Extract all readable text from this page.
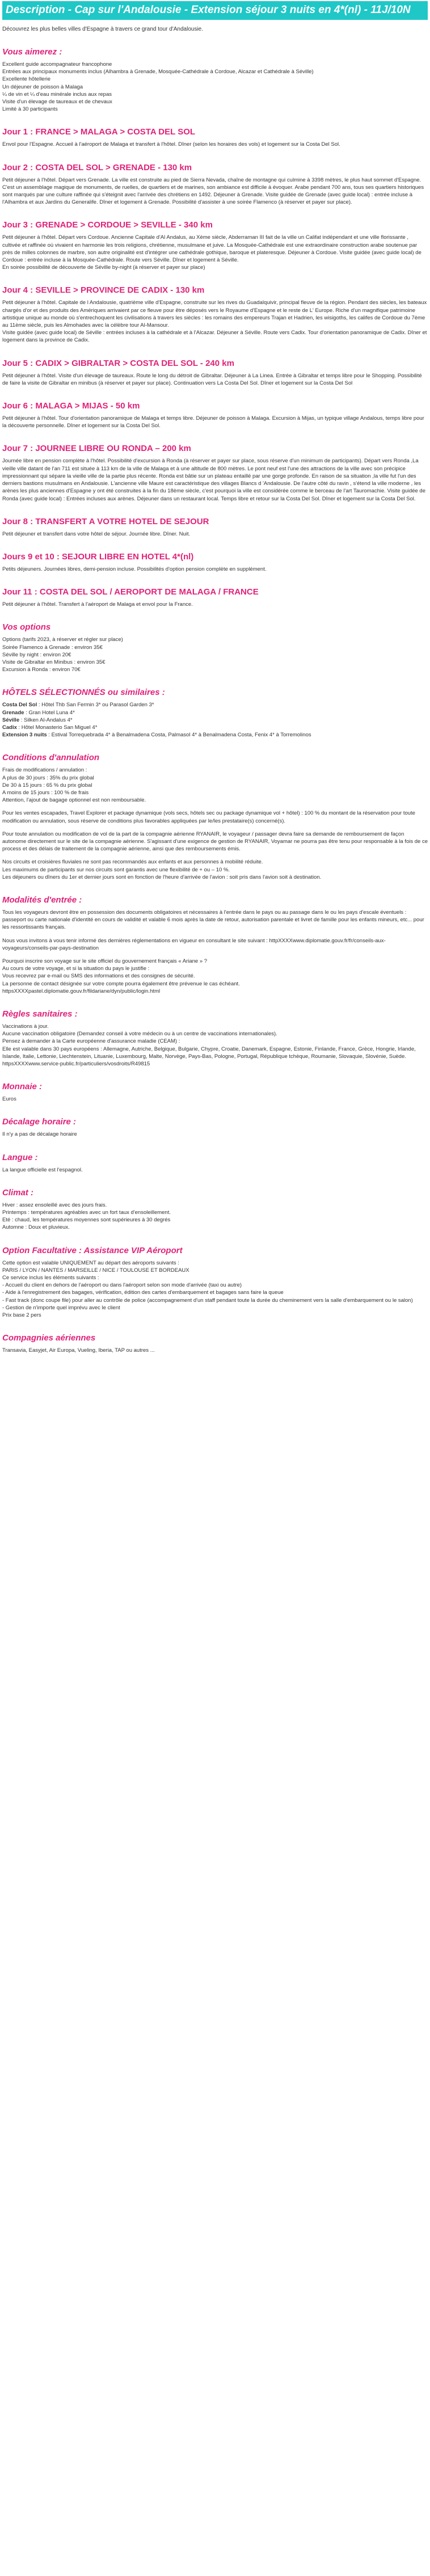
Description - Cap sur l'Andalousie - Extension séjour 3 nuits en 4*(nl) - 11J/10N

Découvrez les plus belles villes d'Espagne à travers ce grand tour d'Andalousie.

Vous aimerez :
Excellent guide accompagnateur francophone
Entrées aux principaux monuments inclus (Alhambra à Grenade, Mosquée-Cathédrale à Cordoue, Alcazar et Cathédrale à Séville)
Excellente hôtellerie
Un déjeuner de poisson à Malaga
¼ de vin et ¼ d'eau minérale inclus aux repas
Visite d'un élevage de taureaux et de chevaux
Limité à 30 participants
Jour 1 : FRANCE > MALAGA > COSTA DEL SOL
Envol pour l'Espagne. Accueil à l'aéroport de Malaga et transfert à l'hôtel. Dîner (selon les horaires des vols) et logement sur la Costa Del Sol.
Jour 2 : COSTA DEL SOL > GRENADE - 130 km
Petit déjeuner à l'hôtel. Départ vers Grenade. La ville est construite au pied de Sierra Nevada, chaîne de montagne qui culmine à 3398 mètres, le plus haut sommet d'Espagne. C'est un assemblage magique de monuments, de ruelles, de quartiers et de marines, son ambiance est difficile à évoquer. Arabe pendant 700 ans, tous ses quartiers historiques sont marqués par une culture raffinée qui s'éteignit avec l'arrivée des chrétiens en 1492. Déjeuner à Grenade. Visite guidée de Grenade (avec guide local) : entrée incluse à l'Alhambra et aux Jardins du Generalife. Dîner et logement à Grenade. Possibilité d'assister à une soirée Flamenco (à réserver et payer sur place).
Jour 3 : GRENADE > CORDOUE > SEVILLE - 340 km
Petit déjeuner à l'hôtel. Départ vers Cordoue. Ancienne Capitale d'Al Andalus, au Xème siècle, Abderraman III fait de la ville un Califat indépendant et une ville florissante , cultivée et raffinée où vivaient en harmonie les trois religions, chrétienne, musulmane et juive. La Mosquée-Cathédrale est une extraordinaire construction arabe soutenue par près de milles colonnes de marbre, son autre originalité est d'intégrer une cathédrale gothique, baroque et plateresque. Déjeuner à Cordoue. Visite guidée (avec guide local) de Cordoue : entrée incluse à la Mosquée-Cathédrale. Route vers Séville. Dîner et logement à Séville.
En soirée possibilité de découverte de Séville by-night (à réserver et payer sur place)
Jour 4 : SEVILLE > PROVINCE DE CADIX - 130 km
Petit déjeuner à l'hôtel. Capitale de l Andalousie, quatrième ville d'Espagne, construite sur les rives du Guadalquivir, principal fleuve de la région. Pendant des siècles, les bateaux chargés d'or et des produits des Amériques arrivaient par ce fleuve pour être déposés vers le Royaume d'Espagne et le reste de L' Europe. Riche d'un magnifique patrimoine artistique unique au monde où s'entrechoquent les civilisations à travers les siècles : les romains des empereurs Trajan et Hadrien, les wisigoths, les califes de Cordoue du 7ème au 11ème siècle, puis les Almohades avec la célèbre tour Al-Mansour.
Visite guidée (avec guide local) de Séville : entrées incluses à la cathédrale et à l'Alcazar. Déjeuner à Séville. Route vers Cadix. Tour d'orientation panoramique de Cadix. Dîner et logement dans la province de Cadix.
Jour 5 : CADIX > GIBRALTAR > COSTA DEL SOL - 240 km
Petit déjeuner à l'hôtel. Visite d'un élevage de taureaux. Route le long du détroit de Gibraltar. Déjeuner à La Linea. Entrée à Gibraltar et temps libre pour le Shopping. Possibilité de faire la visite de Gibraltar en minibus (à réserver et payer sur place). Continuation vers La Costa Del Sol. Dîner et logement sur la Costa Del Sol
Jour 6 : MALAGA > MIJAS - 50 km
Petit déjeuner à l'hôtel. Tour d'orientation panoramique de Malaga et temps libre. Déjeuner de poisson à Malaga. Excursion à Mijas, un typique village Andalous, temps libre pour la découverte personnelle. Dîner et logement sur la Costa Del Sol.
Jour 7 : JOURNEE LIBRE OU RONDA – 200 km
Journée libre en pension complète à l'hôtel. Possibilité d'excursion à Ronda (à réserver et payer sur place, sous réserve d'un minimum de participants). Départ vers Ronda ,La vieille ville datant de l'an 711 est située à 113 km de la ville de Malaga et à une altitude de 800 mètres. Le pont neuf est l'une des attractions de la ville avec son précipice impressionnant qui sépare la vieille ville de la partie plus récente. Ronda est bâtie sur un plateau entaillé par une gorge profonde. En raison de sa situation ,la ville fut l'un des derniers bastions musulmans en Andalousie. L'ancienne ville Maure est caractéristique des villages Blancs d 'Andalousie. De l'autre côté du ravin , s'étend la ville moderne , les arènes les plus anciennes d'Espagne y ont été construites à la fin du 18ème siècle, c'est pourquoi la ville est considérée comme le berceau de l'art Tauromachie. Visite guidée de Ronda (avec guide local) : Entrées incluses aux arènes. Déjeuner dans un restaurant local. Temps libre et retour sur la Costa Del Sol. Dîner et logement sur la Costa Del Sol.
Jour 8 : TRANSFERT A VOTRE HOTEL DE SEJOUR
Petit déjeuner et transfert dans votre hôtel de séjour. Journée libre. Dîner. Nuit.
Jours 9 et 10 : SEJOUR LIBRE EN HOTEL 4*(nl)
Petits déjeuners. Journées libres, demi-pension incluse. Possibilités d'option pension complète en supplément.
Jour 11 : COSTA DEL SOL / AEROPORT DE MALAGA / FRANCE
Petit déjeuner à l'hôtel. Transfert à l'aéroport de Malaga et envol pour la France.
Vos options
Options (tarifs 2023, à réserver et régler sur place)
Soirée Flamenco à Grenade : environ 35€
Séville by night : environ 20€
Visite de Gibraltar en Minibus : environ 35€
Excursion à Ronda : environ 70€
HÔTELS SÉLECTIONNÉS ou similaires :
Costa Del Sol : Hôtel Thb San Fermin 3* ou Parasol Garden 3*
Grenade : Gran Hotel Luna 4*
Séville : Silken Al-Andalus 4*
Cadix : Hôtel Monasterio San Miguel 4*
Extension 3 nuits : Estival Torrequebrada 4* à Benalmadena Costa, Palmasol 4* à Benalmadena Costa, Fenix 4* à Torremolinos
Conditions d'annulation
Frais de modifications / annulation :
A plus de 30 jours : 35% du prix global
De 30 à 15 jours : 65 % du prix global
A moins de 15 jours : 100 % de frais
Attention, l'ajout de bagage optionnel est non remboursable.
Pour les ventes escapades, Travel Explorer et package dynamique (vols secs, hôtels sec ou package dynamique vol + hôtel) : 100 % du montant de la réservation pour toute modification ou annulation, sous réserve de conditions plus favorables appliquées par le/les prestataire(s) concerné(s).
Pour toute annulation ou modification de vol de la part de la compagnie aérienne RYANAIR, le voyageur / passager devra faire sa demande de remboursement de façon autonome directement sur le site de la compagnie aérienne. S'agissant d'une exigence de gestion de RYANAIR, Voyamar ne pourra pas être tenu pour responsable à la fois de ce process et des délais de traitement de la compagnie aérienne, ainsi que des remboursements émis.
Nos circuits et croisières fluviales ne sont pas recommandés aux enfants et aux personnes à mobilité réduite.
Les maximums de participants sur nos circuits sont garantis avec une flexibilité de + ou – 10 %.
Les déjeuners ou dîners du 1er et dernier jours sont en fonction de l'heure d'arrivée de l'avion : soit pris dans l'avion soit à destination.
Modalités d'entrée :
Tous les voyageurs devront être en possession des documents obligatoires et nécessaires à l'entrée dans le pays ou au passage dans le ou les pays d'escale éventuels : passeport ou carte nationale d'identité en cours de validité et valable 6 mois après la date de retour, autorisation parentale et livret de famille pour les enfants mineurs, etc... pour les ressortissants français.
Nous vous invitons à vous tenir informé des dernières réglementations en vigueur en consultant le site suivant : httpXXXXwww.diplomatie.gouv.fr/fr/conseils-aux-voyageurs/conseils-par-pays-destination
Pourquoi inscrire son voyage sur le site officiel du gouvernement français « Ariane » ?
Au cours de votre voyage, et si la situation du pays le justifie :
Vous recevrez par e-mail ou SMS des informations et des consignes de sécurité.
La personne de contact désignée sur votre compte pourra également être prévenue le cas échéant.
httpsXXXXpastel.diplomatie.gouv.fr/fildariane/dyn/public/login.html
Règles sanitaires :
Vaccinations à jour.
Aucune vaccination obligatoire (Demandez conseil à votre médecin ou à un centre de vaccinations internationales).
Pensez à demander à la Carte européenne d'assurance maladie (CEAM) :
Elle est valable dans 30 pays européens : Allemagne, Autriche, Belgique, Bulgarie, Chypre, Croatie, Danemark, Espagne, Estonie, Finlande, France, Grèce, Hongrie, Irlande, Islande, Italie, Lettonie, Liechtenstein, Lituanie, Luxembourg, Malte, Norvège, Pays-Bas, Pologne, Portugal, République tchèque, Roumanie, Slovaquie, Slovénie, Suède.
httpsXXXXwww.service-public.fr/particuliers/vosdroits/R49815
Monnaie :

Euros

Décalage horaire :

Il n'y a pas de décalage horaire

Langue :

La langue officielle est l'espagnol.

Climat :
Hiver : assez ensoleillé avec des jours frais.
Printemps : températures agréables avec un fort taux d'ensoleillement.
Eté : chaud, les températures moyennes sont supérieures à 30 degrés
Automne : Doux et pluvieux.
Option Facultative : Assistance VIP Aéroport
Cette option est valable UNIQUEMENT au départ des aéroports suivants :
PARIS / LYON / NANTES / MARSEILLE / NICE / TOULOUSE ET BORDEAUX
Ce service inclus les éléments suivants :
- Accueil du client en dehors de l'aéroport ou dans l'aéroport selon son mode d'arrivée (taxi ou autre)
- Aide à l'enregistrement des bagages, vérification, édition des cartes d'embarquement et bagages sans faire la queue
- Fast track (donc coupe file) pour aller au contrôle de police (accompagnement d'un staff pendant toute la durée du cheminement vers la salle d'embarquement ou le salon)
- Gestion de n'importe quel imprévu avec le client
Prix base 2 pers
Compagnies aériennes

Transavia, Easyjet, Air Europa, Vueling, Iberia, TAP ou autres ...
